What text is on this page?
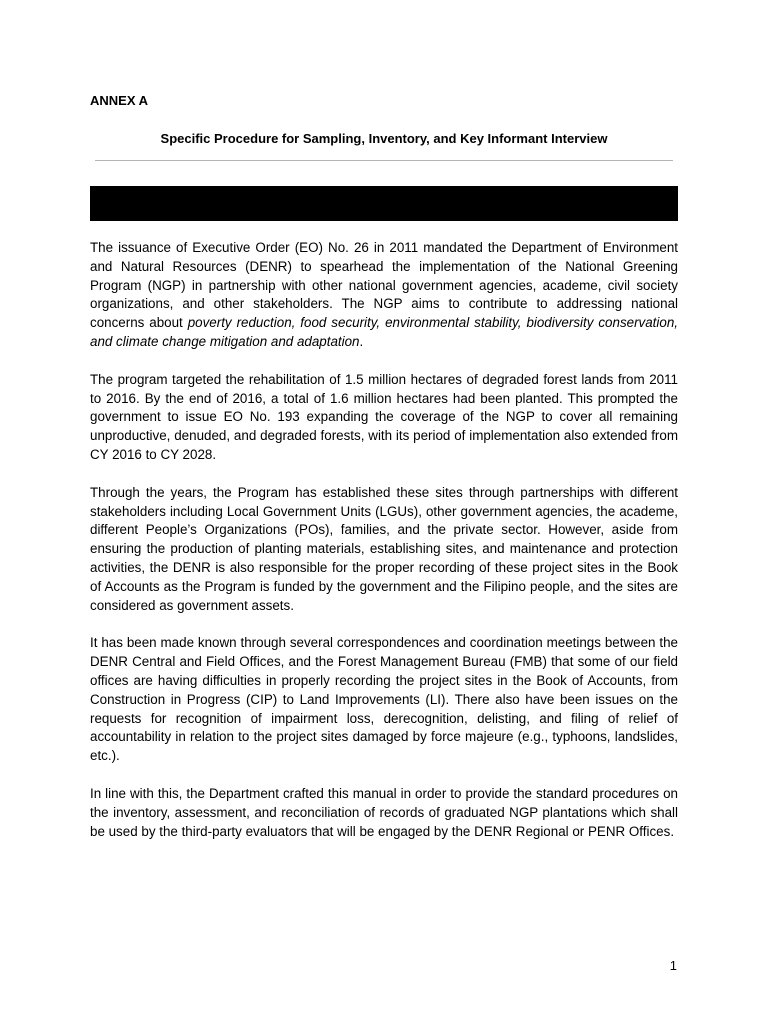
ANNEX A
Specific Procedure for Sampling, Inventory, and Key Informant Interview

The issuance of Executive Order (EO) No. 26 in 2011 mandated the Department of Environment and Natural Resources (DENR) to spearhead the implementation of the National Greening Program (NGP) in partnership with other national government agencies, academe, civil society organizations, and other stakeholders. The NGP aims to contribute to addressing national concerns about poverty reduction, food security, environmental stability, biodiversity conservation, and climate change mitigation and adaptation.

The program targeted the rehabilitation of 1.5 million hectares of degraded forest lands from 2011 to 2016. By the end of 2016, a total of 1.6 million hectares had been planted. This prompted the government to issue EO No. 193 expanding the coverage of the NGP to cover all remaining unproductive, denuded, and degraded forests, with its period of implementation also extended from CY 2016 to CY 2028.

Through the years, the Program has established these sites through partnerships with different stakeholders including Local Government Units (LGUs), other government agencies, the academe, different People’s Organizations (POs), families, and the private sector. However, aside from ensuring the production of planting materials, establishing sites, and maintenance and protection activities, the DENR is also responsible for the proper recording of these project sites in the Book of Accounts as the Program is funded by the government and the Filipino people, and the sites are considered as government assets.

It has been made known through several correspondences and coordination meetings between the DENR Central and Field Offices, and the Forest Management Bureau (FMB) that some of our field offices are having difficulties in properly recording the project sites in the Book of Accounts, from Construction in Progress (CIP) to Land Improvements (LI). There also have been issues on the requests for recognition of impairment loss, derecognition, delisting, and filing of relief of accountability in relation to the project sites damaged by force majeure (e.g., typhoons, landslides, etc.).

In line with this, the Department crafted this manual in order to provide the standard procedures on the inventory, assessment, and reconciliation of records of graduated NGP plantations which shall be used by the third-party evaluators that will be engaged by the DENR Regional or PENR Offices.

1
